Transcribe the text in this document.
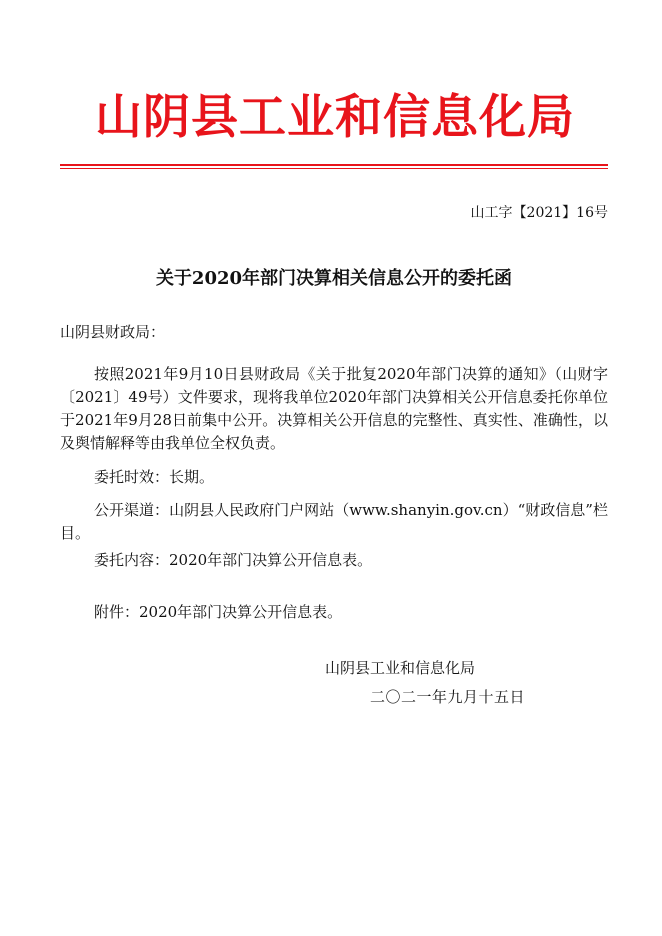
山阴县工业和信息化局
山工字【2021】16号
关于2020年部门决算相关信息公开的委托函
山阴县财政局：
按照2021年9月10日县财政局《关于批复2020年部门决算的通知》（山财字〔2021〕49号）文件要求，现将我单位2020年部门决算相关公开信息委托你单位于2021年9月28日前集中公开。决算相关公开信息的完整性、真实性、准确性，以及舆情解释等由我单位全权负责。
委托时效：长期。
公开渠道：山阴县人民政府门户网站（www.shanyin.gov.cn）“财政信息”栏目。
委托内容：2020年部门决算公开信息表。
附件：2020年部门决算公开信息表。
山阴县工业和信息化局
二〇二一年九月十五日
